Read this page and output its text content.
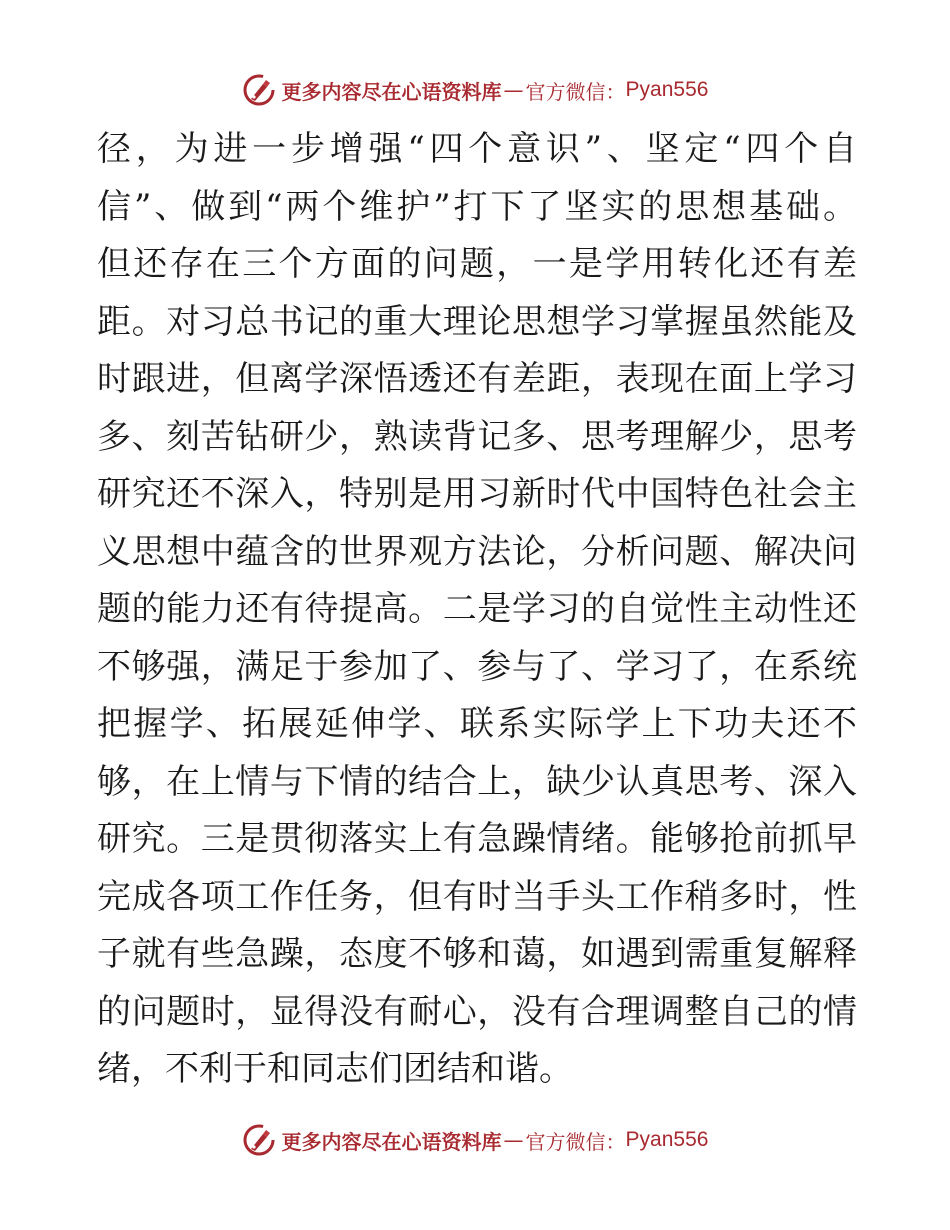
更多内容尽在心语资料库 — 官方微信： Pyan556
径，为进一步增强“四个意识”、坚定“四个自
信”、做到“两个维护”打下了坚实的思想基础。
但还存在三个方面的问题，一是学用转化还有差
距。对习总书记的重大理论思想学习掌握虽然能及
时跟进，但离学深悟透还有差距，表现在面上学习
多、刻苦钻研少，熟读背记多、思考理解少，思考
研究还不深入，特别是用习新时代中国特色社会主
义思想中蕴含的世界观方法论，分析问题、解决问
题的能力还有待提高。二是学习的自觉性主动性还
不够强，满足于参加了、参与了、学习了，在系统
把握学、拓展延伸学、联系实际学上下功夫还不
够，在上情与下情的结合上，缺少认真思考、深入
研究。三是贯彻落实上有急躁情绪。能够抢前抓早
完成各项工作任务，但有时当手头工作稍多时，性
子就有些急躁，态度不够和蔼，如遇到需重复解释
的问题时，显得没有耐心，没有合理调整自己的情
绪，不利于和同志们团结和谐。
更多内容尽在心语资料库 — 官方微信： Pyan556
